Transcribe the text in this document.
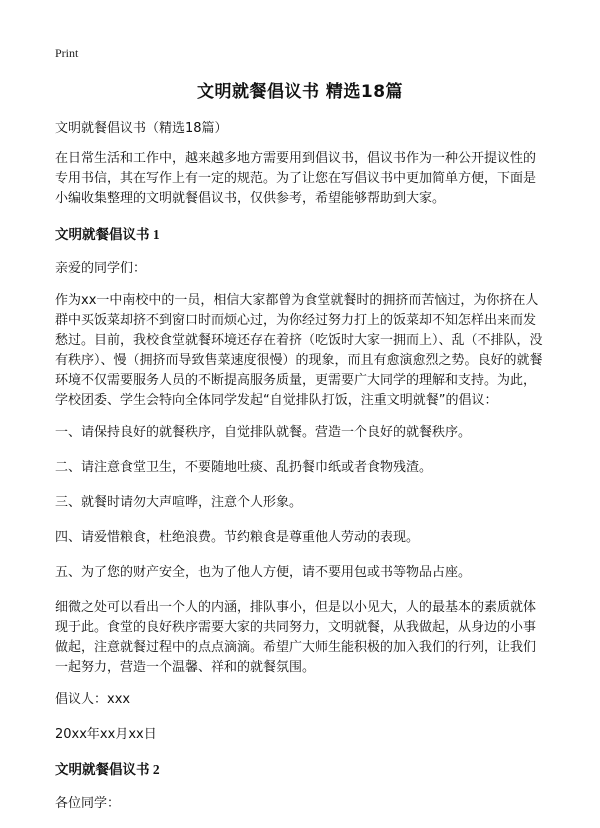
Print
文明就餐倡议书 精选18篇

文明就餐倡议书（精选18篇）

在日常生活和工作中，越来越多地方需要用到倡议书，倡议书作为一种公开提议性的专用书信，其在写作上有一定的规范。为了让您在写倡议书中更加简单方便，下面是小编收集整理的文明就餐倡议书，仅供参考，希望能够帮助到大家。

文明就餐倡议书 1

亲爱的同学们：

作为xx一中南校中的一员，相信大家都曾为食堂就餐时的拥挤而苦恼过，为你挤在人群中买饭菜却挤不到窗口时而烦心过，为你经过努力打上的饭菜却不知怎样出来而发愁过。目前，我校食堂就餐环境还存在着挤（吃饭时大家一拥而上）、乱（不排队，没有秩序）、慢（拥挤而导致售菜速度很慢）的现象，而且有愈演愈烈之势。良好的就餐环境不仅需要服务人员的不断提高服务质量，更需要广大同学的理解和支持。为此，学校团委、学生会特向全体同学发起“自觉排队打饭，注重文明就餐”的倡议：

一、请保持良好的就餐秩序，自觉排队就餐。营造一个良好的就餐秩序。

二、请注意食堂卫生，不要随地吐痰、乱扔餐巾纸或者食物残渣。

三、就餐时请勿大声喧哗，注意个人形象。

四、请爱惜粮食，杜绝浪费。节约粮食是尊重他人劳动的表现。

五、为了您的财产安全，也为了他人方便，请不要用包或书等物品占座。

细微之处可以看出一个人的内涵，排队事小，但是以小见大，人的最基本的素质就体现于此。食堂的良好秩序需要大家的共同努力，文明就餐，从我做起，从身边的小事做起，注意就餐过程中的点点滴滴。希望广大师生能积极的加入我们的行列，让我们一起努力，营造一个温馨、祥和的就餐氛围。

倡议人：xxx

20xx年xx月xx日

文明就餐倡议书 2

各位同学：
